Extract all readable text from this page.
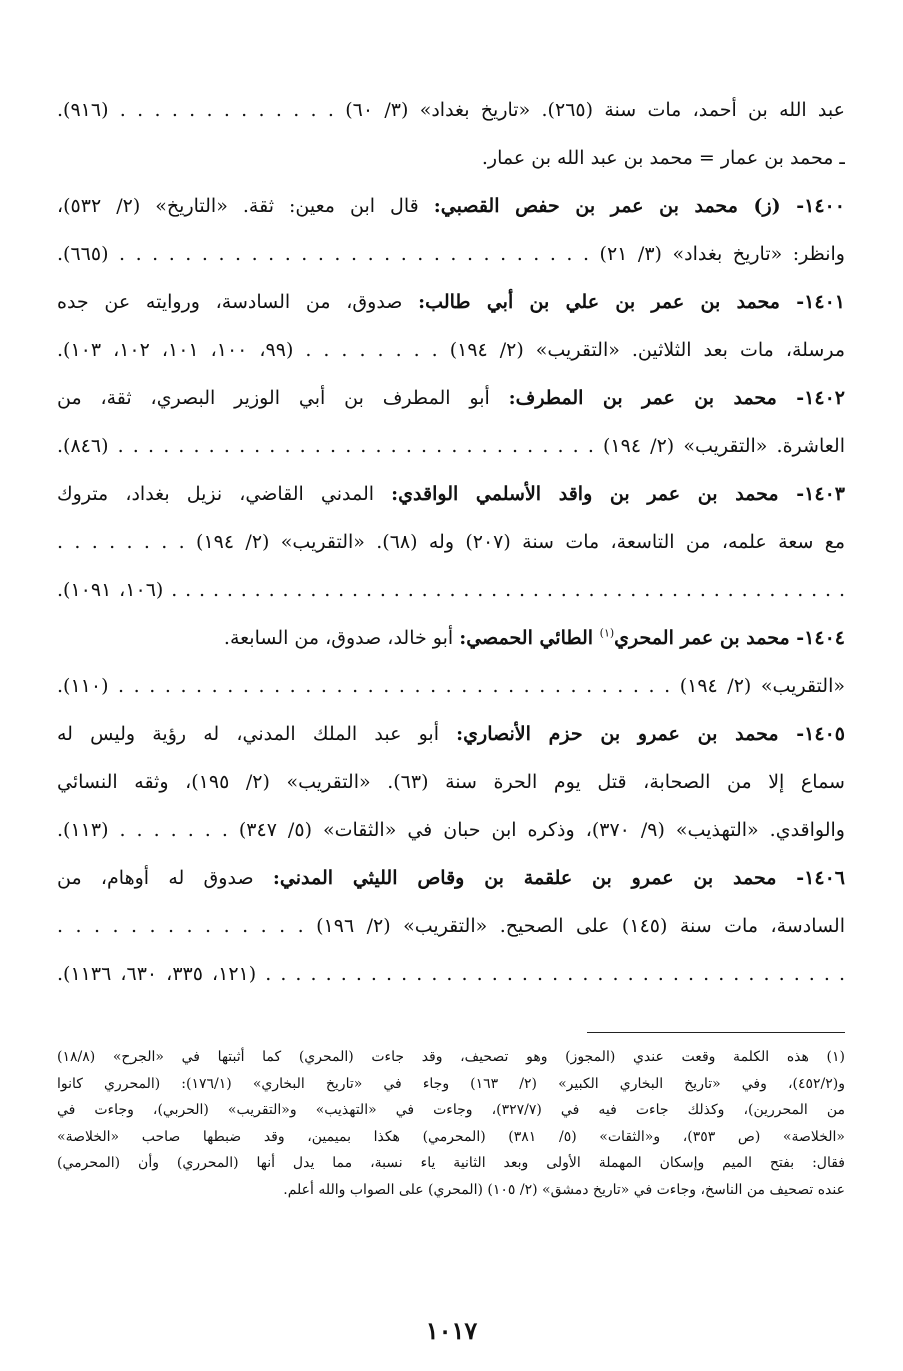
عبد الله بن أحمد، مات سنة (٢٦٥). «تاريخ بغداد» (٣/ ٦٠) . . . . . . . . . . . . . (٩١٦).
ـ محمد بن عمار = محمد بن عبد الله بن عمار.
١٤٠٠- (ز) محمد بن عمر بن حفص القصبي: قال ابن معين: ثقة. «التاريخ» (٢/ ٥٣٢)،
وانظر: «تاريخ بغداد» (٣/ ٢١) . . . . . . . . . . . . . . . . . . . . . . . . . . . . . (٦٦٥).
١٤٠١- محمد بن عمر بن علي بن أبي طالب: صدوق، من السادسة، وروايته عن جده
مرسلة، مات بعد الثلاثين. «التقريب» (٢/ ١٩٤) . . . . . . . . (٩٩، ١٠٠، ١٠١، ١٠٢، ١٠٣).
١٤٠٢- محمد بن عمر بن المطرف: أبو المطرف بن أبي الوزير البصري، ثقة، من
العاشرة. «التقريب» (٢/ ١٩٤) . . . . . . . . . . . . . . . . . . . . . . . . . . . . . . . . (٨٤٦).
١٤٠٣- محمد بن عمر بن واقد الأسلمي الواقدي: المدني القاضي، نزيل بغداد، متروك
مع سعة علمه، من التاسعة، مات سنة (٢٠٧) وله (٦٨). «التقريب» (٢/ ١٩٤) . . . . . . . .
. . . . . . . . . . . . . . . . . . . . . . . . . . . . . . . . . . . . . . . . . . . . . . . . . (١٠٦، ١٠٩١).
١٤٠٤- محمد بن عمر المحري$^{(١)}$ الطائي الحمصي: أبو خالد، صدوق، من السابعة.
«التقريب» (٢/ ١٩٤) . . . . . . . . . . . . . . . . . . . . . . . . . . . . . . . . . . . . (١١٠).
١٤٠٥- محمد بن عمرو بن حزم الأنصاري: أبو عبد الملك المدني، له رؤية وليس له
سماع إلا من الصحابة، قتل يوم الحرة سنة (٦٣). «التقريب» (٢/ ١٩٥)، وثقه النسائي
والواقدي. «التهذيب» (٩/ ٣٧٠)، وذكره ابن حبان في «الثقات» (٥/ ٣٤٧) . . . . . . . (١١٣).
١٤٠٦- محمد بن عمرو بن علقمة بن وقاص الليثي المدني: صدوق له أوهام، من
السادسة، مات سنة (١٤٥) على الصحيح. «التقريب» (٢/ ١٩٦) . . . . . . . . . . . . . .
. . . . . . . . . . . . . . . . . . . . . . . . . . . . . . . . . . . . . . . (١٢١، ٣٣٥، ٦٣٠، ١١٣٦).
(١) هذه الكلمة وقعت عندي (المجوز) وهو تصحيف، وقد جاءت (المحري) كما أثبتها في «الجرح» (١٨/٨)
و(٤٥٢/٢)، وفي «تاريخ البخاري الكبير» (٢/ ١٦٣) وجاء في «تاريخ البخاري» (١٧٦/١): (المحرري كانوا
من المحررين)، وكذلك جاءت فيه في (٣٢٧/٧)، وجاءت في «التهذيب» و«التقريب» (الحربي)، وجاءت في
«الخلاصة» (ص ٣٥٣)، و«الثقات» (٥/ ٣٨١) (المحرمي) هكذا بميمين، وقد ضبطها صاحب «الخلاصة»
فقال: بفتح الميم وإسكان المهملة الأولى وبعد الثانية ياء نسبة، مما يدل أنها (المحرري) وأن (المحرمي)
عنده تصحيف من الناسخ، وجاءت في «تاريخ دمشق» (٢/ ١٠٥) (المحري) على الصواب والله أعلم.
١٠١٧
